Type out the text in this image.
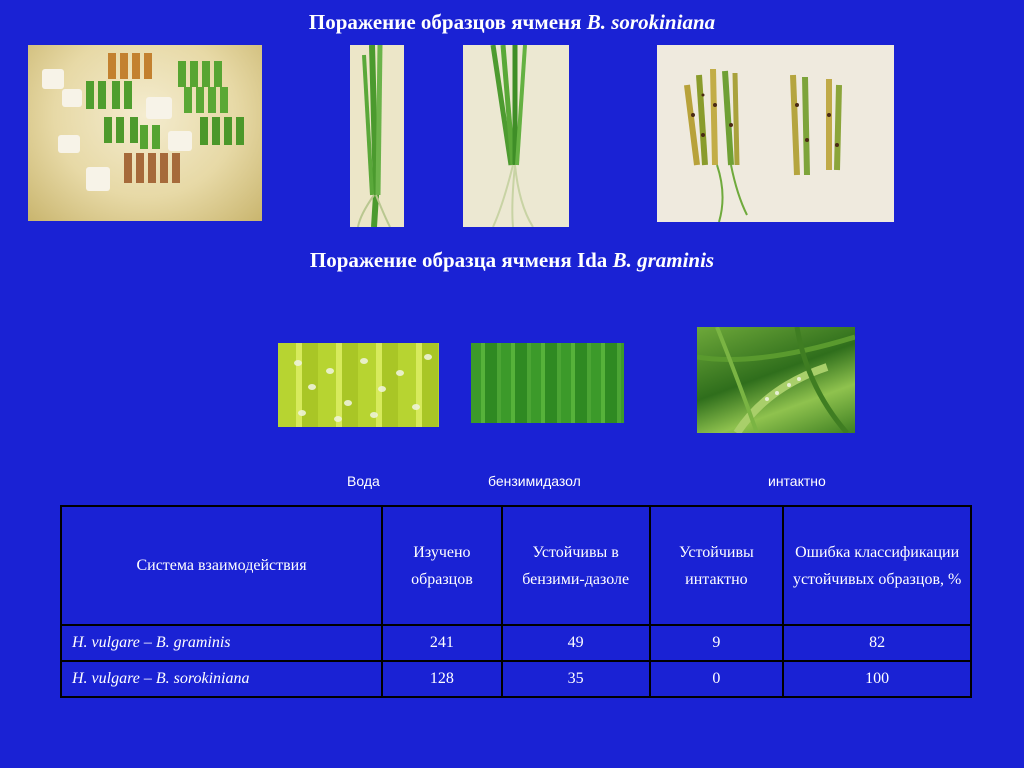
Поражение образцов ячменя B. sorokiniana
Поражение образца ячменя Ida B. graminis
Вода	бензимидазол	интактно
Система взаимодействия	Изучено образцов	Устойчивы в бензими-дазоле	Устойчивы интактно	Ошибка классификации устойчивых образцов, %
H. vulgare – B. graminis	241	49	9	82
H. vulgare – B. sorokiniana	128	35	0	100
